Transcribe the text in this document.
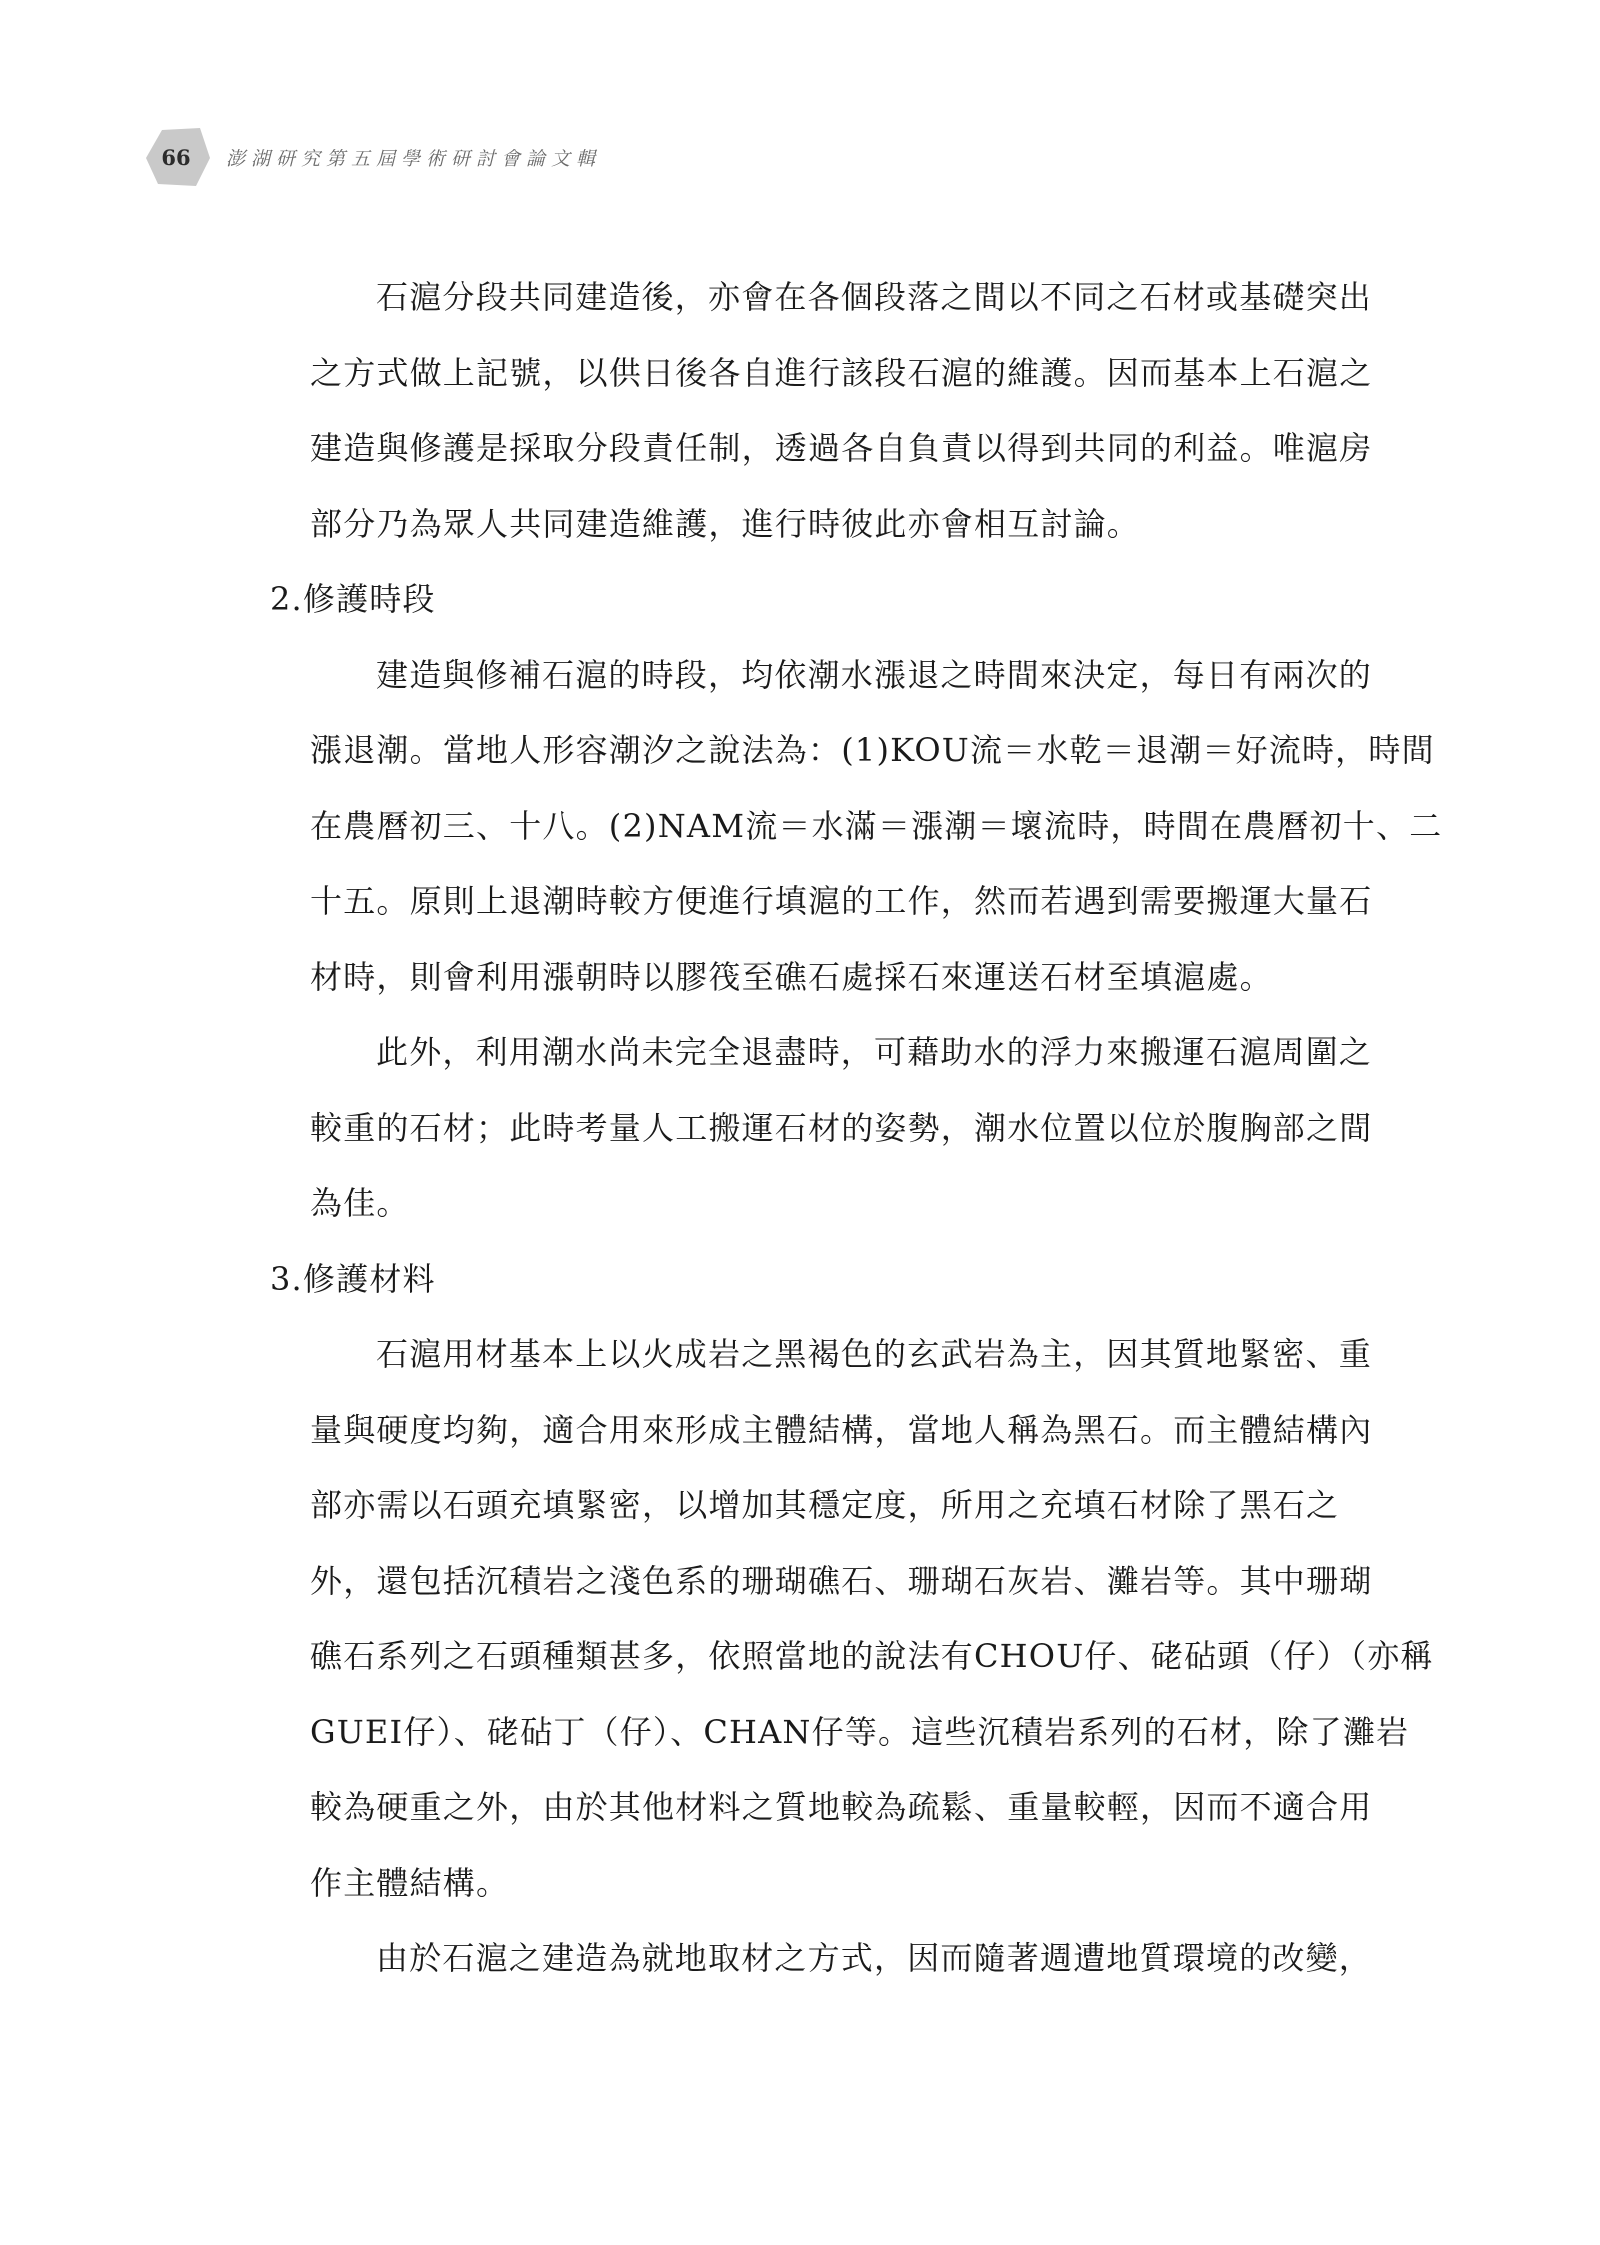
66 澎湖研究第五屆學術研討會論文輯
石滬分段共同建造後，亦會在各個段落之間以不同之石材或基礎突出
之方式做上記號，以供日後各自進行該段石滬的維護。因而基本上石滬之
建造與修護是採取分段責任制，透過各自負責以得到共同的利益。唯滬房
部分乃為眾人共同建造維護，進行時彼此亦會相互討論。
2.修護時段
建造與修補石滬的時段，均依潮水漲退之時間來決定，每日有兩次的
漲退潮。當地人形容潮汐之說法為：(1)KOU流＝水乾＝退潮＝好流時，時間
在農曆初三、十八。(2)NAM流＝水滿＝漲潮＝壞流時，時間在農曆初十、二
十五。原則上退潮時較方便進行填滬的工作，然而若遇到需要搬運大量石
材時，則會利用漲朝時以膠筏至礁石處採石來運送石材至填滬處。
此外，利用潮水尚未完全退盡時，可藉助水的浮力來搬運石滬周圍之
較重的石材；此時考量人工搬運石材的姿勢，潮水位置以位於腹胸部之間
為佳。
3.修護材料
石滬用材基本上以火成岩之黑褐色的玄武岩為主，因其質地緊密、重
量與硬度均夠，適合用來形成主體結構，當地人稱為黑石。而主體結構內
部亦需以石頭充填緊密，以增加其穩定度，所用之充填石材除了黑石之
外，還包括沉積岩之淺色系的珊瑚礁石、珊瑚石灰岩、灘岩等。其中珊瑚
礁石系列之石頭種類甚多，依照當地的說法有CHOU仔、硓砧頭（仔）（亦稱
GUEI仔）、硓砧丁（仔）、CHAN仔等。這些沉積岩系列的石材，除了灘岩
較為硬重之外，由於其他材料之質地較為疏鬆、重量較輕，因而不適合用
作主體結構。
由於石滬之建造為就地取材之方式，因而隨著週遭地質環境的改變，
